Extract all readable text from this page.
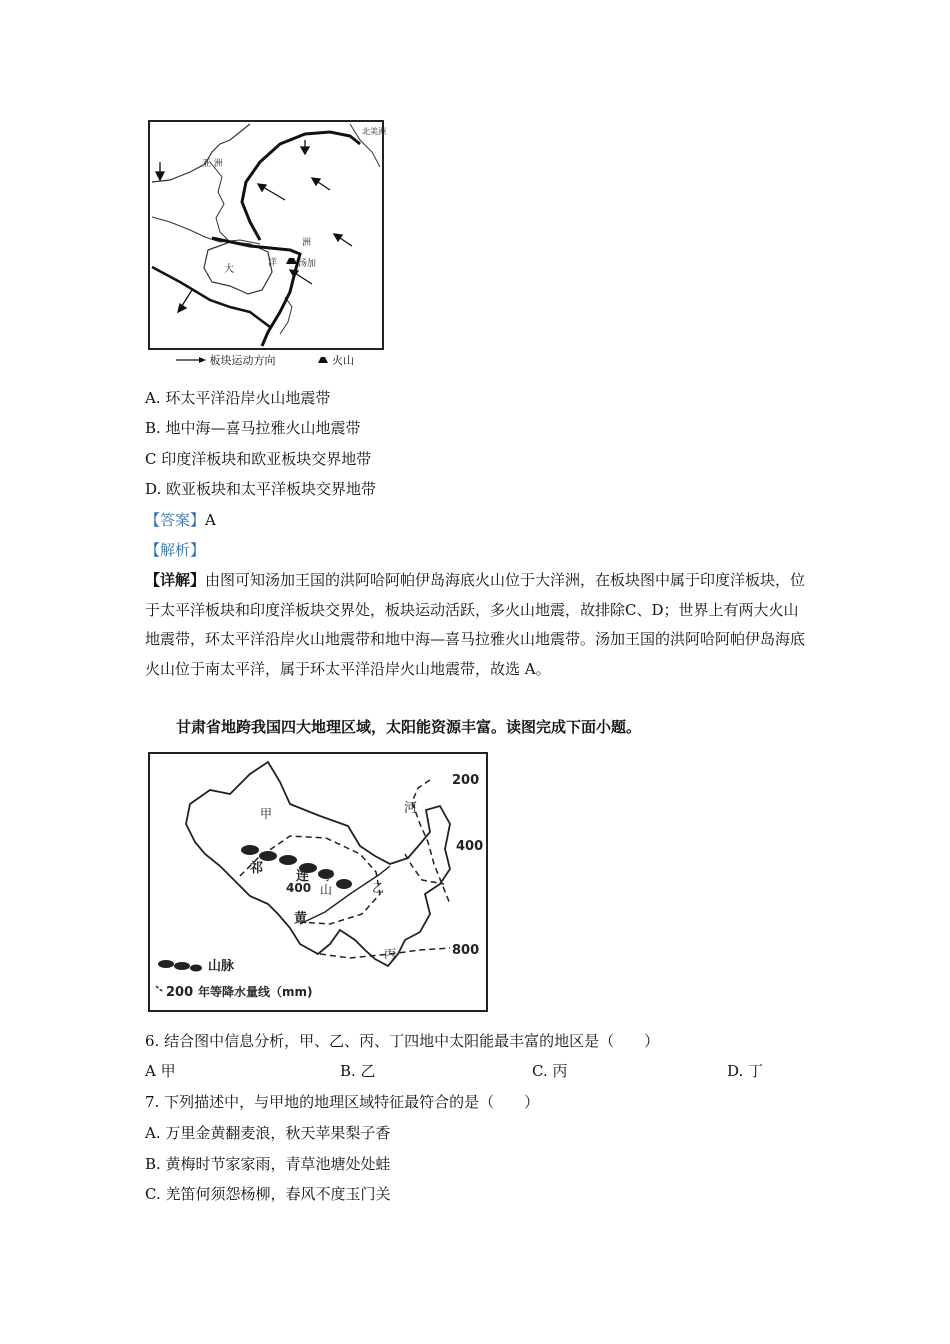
亚 洲
北美洲
洲
大
洋 汤加
板块运动方向	火山
A. 环太平洋沿岸火山地震带
B. 地中海—喜马拉雅火山地震带
C 印度洋板块和欧亚板块交界地带
D. 欧亚板块和太平洋板块交界地带
【答案】A
【解析】
【详解】由图可知汤加王国的洪阿哈阿帕伊岛海底火山位于大洋洲，在板块图中属于印度洋板块，位于太平洋板块和印度洋板块交界处，板块运动活跃，多火山地震，故排除C、D；世界上有两大火山地震带，环太平洋沿岸火山地震带和地中海—喜马拉雅火山地震带。汤加王国的洪阿哈阿帕伊岛海底火山位于南太平洋，属于环太平洋沿岸火山地震带，故选 A。
甘肃省地跨我国四大地理区域，太阳能资源丰富。读图完成下面小题。
甲
乙
丙
丁
河
黄
祁
连
山
200
400
400
800
山脉
200 年等降水量线（mm)
6. 结合图中信息分析，甲、乙、丙、丁四地中太阳能最丰富的地区是（　　）
A 甲	B. 乙	C. 丙	D. 丁
7. 下列描述中，与甲地的地理区域特征最符合的是（　　）
A. 万里金黄翻麦浪，秋天苹果梨子香
B. 黄梅时节家家雨，青草池塘处处蛙
C. 羌笛何须怨杨柳，春风不度玉门关
